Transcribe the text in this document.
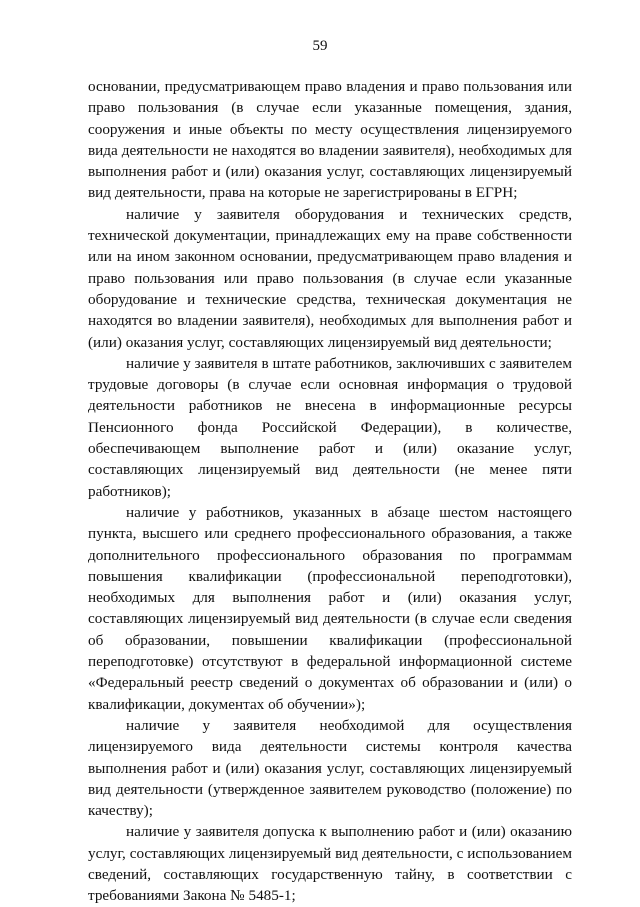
59

основании, предусматривающем право владения и право пользования или право пользования (в случае если указанные помещения, здания, сооружения и иные объекты по месту осуществления лицензируемого вида деятельности не находятся во владении заявителя), необходимых для выполнения работ и (или) оказания услуг, составляющих лицензируемый вид деятельности, права на которые не зарегистрированы в ЕГРН;

наличие у заявителя оборудования и технических средств, технической документации, принадлежащих ему на праве собственности или на ином законном основании, предусматривающем право владения и право пользования или право пользования (в случае если указанные оборудование и технические средства, техническая документация не находятся во владении заявителя), необходимых для выполнения работ и (или) оказания услуг, составляющих лицензируемый вид деятельности;

наличие у заявителя в штате работников, заключивших с заявителем трудовые договоры (в случае если основная информация о трудовой деятельности работников не внесена в информационные ресурсы Пенсионного фонда Российской Федерации), в количестве, обеспечивающем выполнение работ и (или) оказание услуг, составляющих лицензируемый вид деятельности (не менее пяти работников);

наличие у работников, указанных в абзаце шестом настоящего пункта, высшего или среднего профессионального образования, а также дополнительного профессионального образования по программам повышения квалификации (профессиональной переподготовки), необходимых для выполнения работ и (или) оказания услуг, составляющих лицензируемый вид деятельности (в случае если сведения об образовании, повышении квалификации (профессиональной переподготовке) отсутствуют в федеральной информационной системе «Федеральный реестр сведений о документах об образовании и (или) о квалификации, документах об обучении»);

наличие у заявителя необходимой для осуществления лицензируемого вида деятельности системы контроля качества выполнения работ и (или) оказания услуг, составляющих лицензируемый вид деятельности (утвержденное заявителем руководство (положение) по качеству);

наличие у заявителя допуска к выполнению работ и (или) оказанию услуг, составляющих лицензируемый вид деятельности, с использованием сведений, составляющих государственную тайну, в соответствии с требованиями Закона № 5485-1;
